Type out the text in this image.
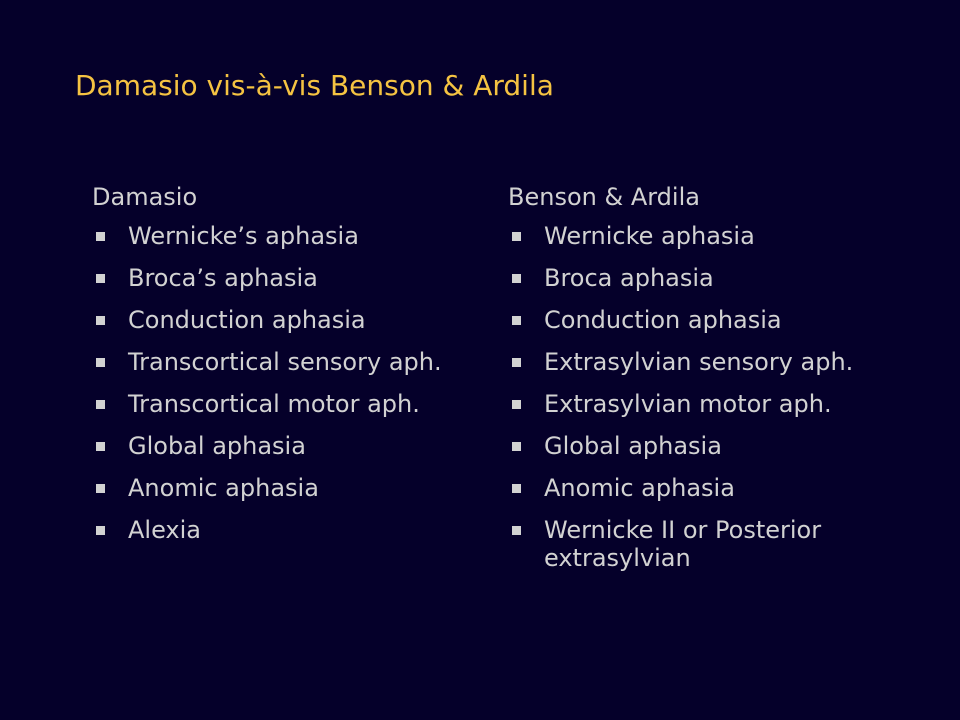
Damasio vis-à-vis Benson & Ardila
Damasio
Wernicke’s aphasia
Broca’s aphasia
Conduction aphasia
Transcortical sensory aph.
Transcortical motor aph.
Global aphasia
Anomic aphasia
Alexia
Benson & Ardila
Wernicke aphasia
Broca aphasia
Conduction aphasia
Extrasylvian sensory aph.
Extrasylvian motor aph.
Global aphasia
Anomic aphasia
Wernicke II or Posterior extrasylvian
